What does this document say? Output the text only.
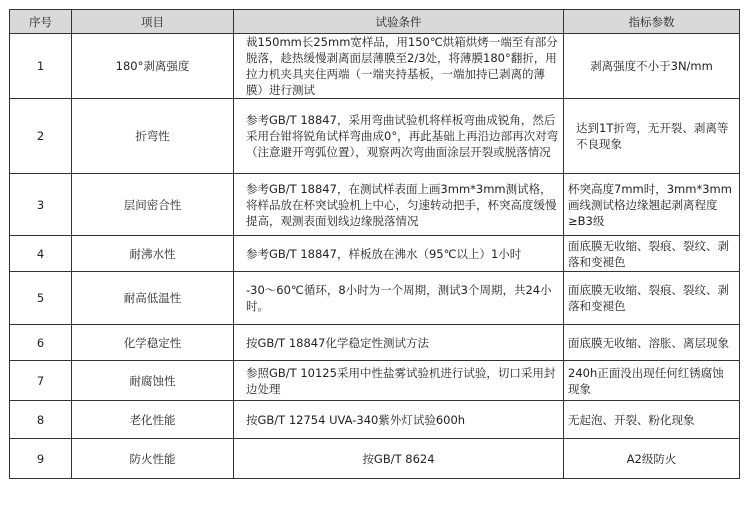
序号	项目	试验条件	指标参数
1	180°剥离强度	裁150mm长25mm宽样品，用150℃烘箱烘烤一端至有部分脱落，趁热缓慢剥离面层薄膜至2/3处，将薄膜180°翻折，用拉力机夹具夹住两端（一端夹持基板，一端加持已剥离的薄膜）进行测试	剥离强度不小于3N/mm
2	折弯性	参考GB/T 18847，采用弯曲试验机将样板弯曲成锐角，然后采用台钳将锐角试样弯曲成0°，再此基础上再沿边部再次对弯（注意避开弯弧位置），观察两次弯曲面涂层开裂或脱落情况	达到1T折弯，无开裂、剥离等不良现象
3	层间密合性	参考GB/T 18847，在测试样表面上画3mm*3mm测试格，将样品放在杯突试验机上中心，匀速转动把手，杯突高度缓慢提高，观测表面划线边缘脱落情况	杯突高度7mm时，3mm*3mm画线测试格边缘翘起剥离程度≥B3级
4	耐沸水性	参考GB/T 18847，样板放在沸水（95℃以上）1小时	面底膜无收缩、裂痕、裂纹、剥落和变褪色
5	耐高低温性	-30～60℃循环，8小时为一个周期，测试3个周期，共24小时。	面底膜无收缩、裂痕、裂纹、剥落和变褪色
6	化学稳定性	按GB/T 18847化学稳定性测试方法	面底膜无收缩、溶胀、离层现象
7	耐腐蚀性	参照GB/T 10125采用中性盐雾试验机进行试验，切口采用封边处理	240h正面没出现任何红锈腐蚀现象
8	老化性能	按GB/T 12754 UVA-340紫外灯试验600h	无起泡、开裂、粉化现象
9	防火性能	按GB/T 8624	A2级防火
